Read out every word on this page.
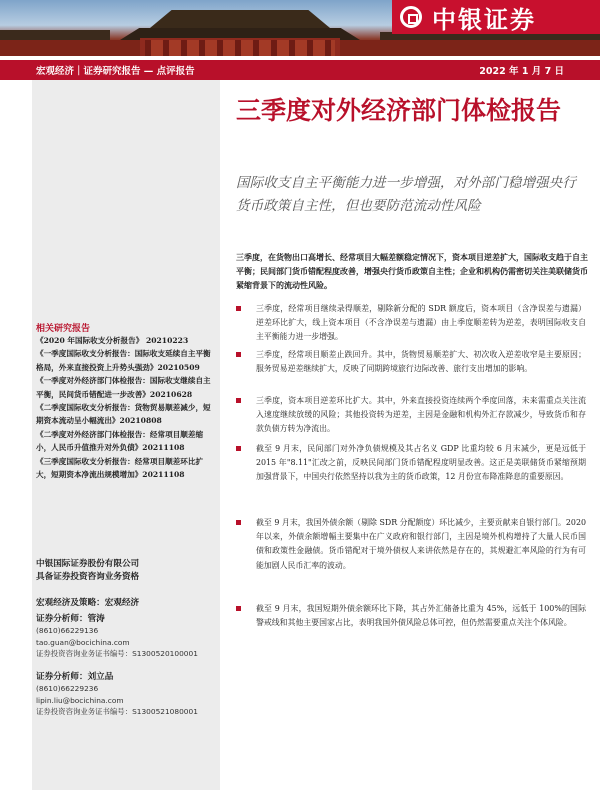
中银证券
宏观经济｜证券研究报告 — 点评报告	2022 年 1 月 7 日
相关研究报告
《2020 年国际收支分析报告》 20210223
《一季度国际收支分析报告：国际收支延续自主平衡格局，外来直接投资上升势头强劲》20210509
《一季度对外经济部门体检报告：国际收支继续自主平衡，民间货币错配进一步改善》20210628
《二季度国际收支分析报告：货物贸易顺差减少，短期资本流动呈小幅流出》20210808
《二季度对外经济部门体检报告：经常项目顺差缩小，人民币升值推升对外负债》20211108
《三季度国际收支分析报告：经常项目顺差环比扩大，短期资本净流出规模增加》20211108
中银国际证券股份有限公司
具备证券投资咨询业务资格
宏观经济及策略：宏观经济
证券分析师：管涛
(8610)66229136
tao.guan@bocichina.com
证券投资咨询业务证书编号：S1300520100001
证券分析师：刘立品
(8610)66229236
lipin.liu@bocichina.com
证券投资咨询业务证书编号：S1300521080001
三季度对外经济部门体检报告
国际收支自主平衡能力进一步增强，对外部门稳增强央行货币政策自主性，但也要防范流动性风险
三季度，在货物出口高增长、经常项目大幅差额稳定情况下，资本项目逆差扩大，国际收支趋于自主平衡；民间部门货币错配程度改善，增强央行货币政策自主性；企业和机构仍需密切关注美联储货币紧缩背景下的流动性风险。
三季度，经常项目继续录得顺差，剔除新分配的 SDR 额度后，资本项目（含净误差与遗漏）逆差环比扩大，线上资本项目（不含净误差与遗漏）由上季度顺差转为逆差，表明国际收支自主平衡能力进一步增强。
三季度，经常项目顺差止跌回升。其中，货物贸易顺差扩大、初次收入逆差收窄是主要原因；服务贸易逆差继续扩大，反映了同期跨境旅行边际改善、旅行支出增加的影响。
三季度，资本项目逆差环比扩大。其中，外来直接投资连续两个季度回落，未来需重点关注流入速度继续放缓的风险；其他投资转为逆差，主因是金融和机构外汇存款减少，导致货币和存款负债方转为净流出。
截至 9 月末，民间部门对外净负债规模及其占名义 GDP 比重均较 6 月末减少，更是远低于 2015 年"8.11"汇改之前，反映民间部门货币错配程度明显改善。这正是美联储货币紧缩预期加强背景下，中国央行依然坚持以我为主的货币政策，12 月份宣布降准降息的重要原因。
截至 9 月末，我国外债余额（剔除 SDR 分配额度）环比减少，主要贡献来自银行部门。2020 年以来，外债余额增幅主要集中在广义政府和银行部门，主因是境外机构增持了大量人民币国债和政策性金融债。货币错配对于境外债权人来讲依然是存在的，其规避汇率风险的行为有可能加剧人民币汇率的波动。
截至 9 月末，我国短期外债余额环比下降，其占外汇储备比重为 45%，远低于 100%的国际警戒线和其他主要国家占比，表明我国外债风险总体可控，但仍然需要重点关注个体风险。
